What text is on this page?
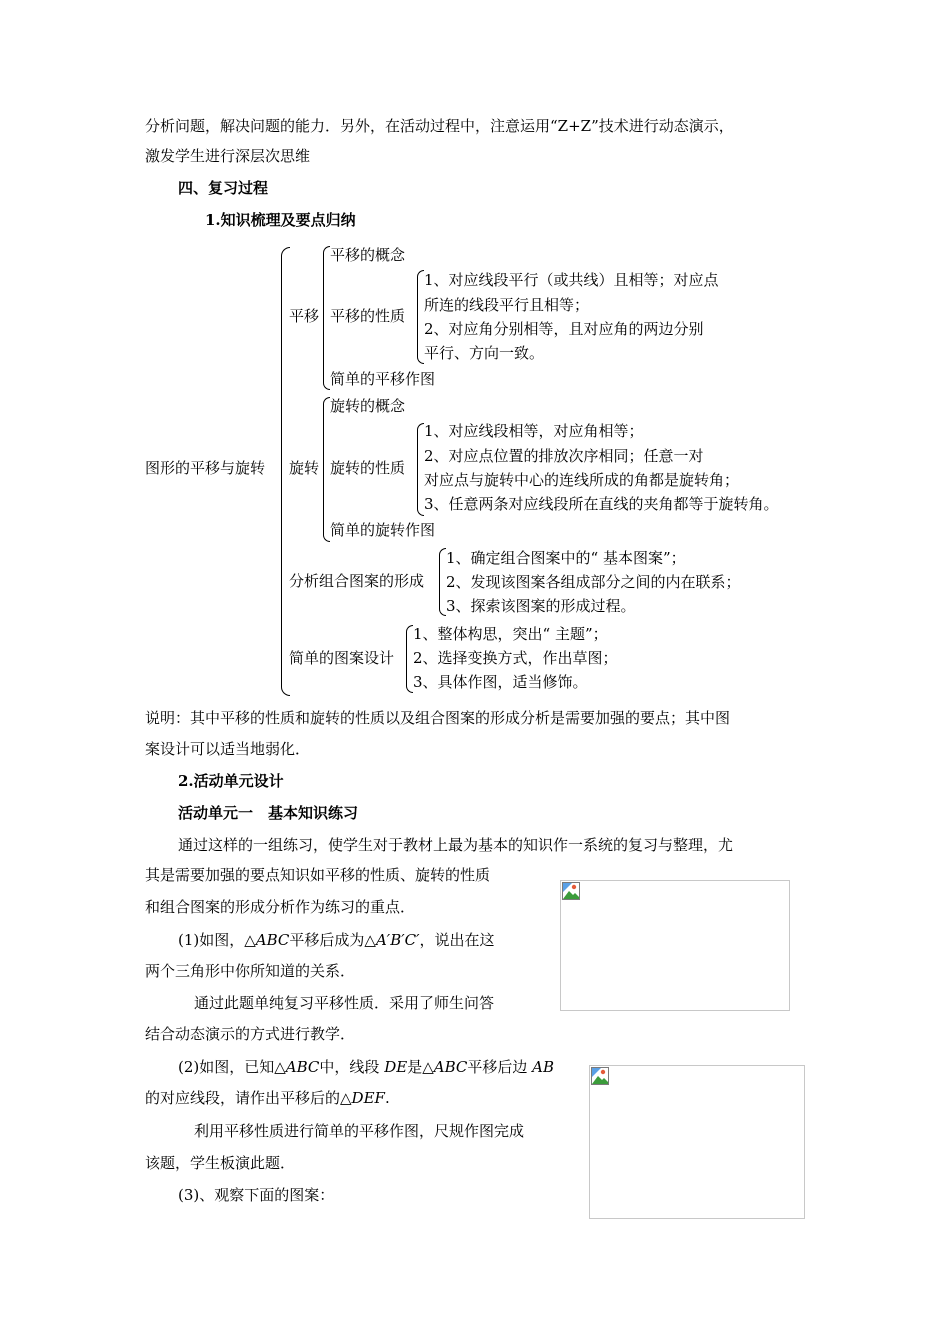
分析问题，解决问题的能力．另外，在活动过程中，注意运用“Z+Z”技术进行动态演示，
激发学生进行深层次思维
四、复习过程
1.知识梳理及要点归纳
图形的平移与旋转
平移
平移的概念
平移的性质
1、对应线段平行（或共线）且相等；对应点
所连的线段平行且相等；
2、对应角分别相等，且对应角的两边分别
平行、方向一致。
简单的平移作图
旋转
旋转的概念
旋转的性质
1、对应线段相等，对应角相等；
2、对应点位置的排放次序相同；任意一对
对应点与旋转中心的连线所成的角都是旋转角；
3、任意两条对应线段所在直线的夹角都等于旋转角。
简单的旋转作图
分析组合图案的形成
1、确定组合图案中的“ 基本图案”；
2、发现该图案各组成部分之间的内在联系；
3、探索该图案的形成过程。
简单的图案设计
1、整体构思，突出“ 主题”；
2、选择变换方式，作出草图；
3、具体作图，适当修饰。
说明：其中平移的性质和旋转的性质以及组合图案的形成分析是需要加强的要点；其中图
案设计可以适当地弱化．
2.活动单元设计
活动单元一　基本知识练习
通过这样的一组练习，使学生对于教材上最为基本的知识作一系统的复习与整理，尤
其是需要加强的要点知识如平移的性质、旋转的性质
和组合图案的形成分析作为练习的重点．
(1)如图，△ABC平移后成为△A′B′C′，说出在这
两个三角形中你所知道的关系．
通过此题单纯复习平移性质．采用了师生问答
结合动态演示的方式进行教学．
(2)如图，已知△ABC中，线段 DE是△ABC平移后边 AB
的对应线段，请作出平移后的△DEF.
利用平移性质进行简单的平移作图，尺规作图完成
该题，学生板演此题．
(3)、观察下面的图案：
